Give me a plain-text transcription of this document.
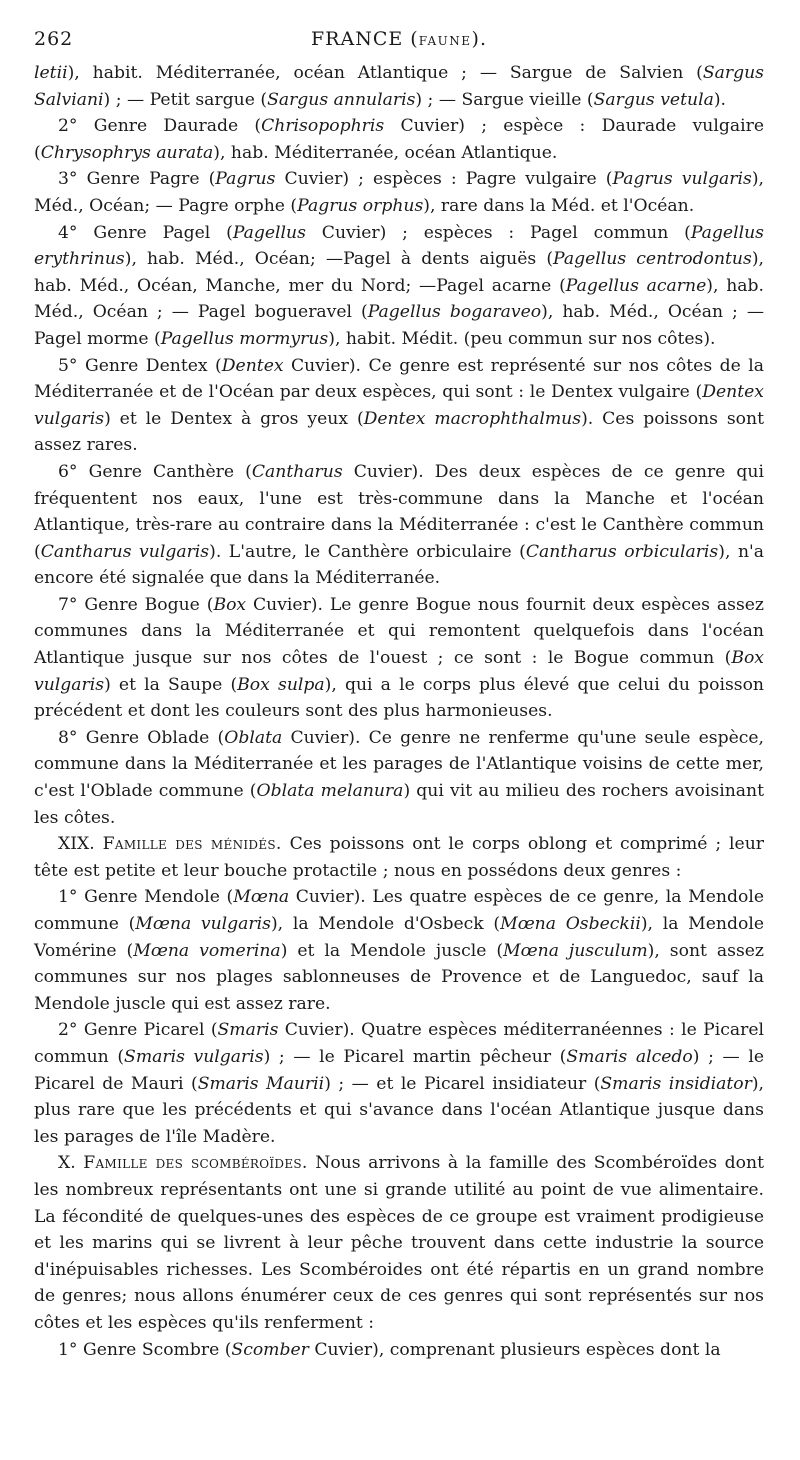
262	FRANCE (FAUNE).

letii), habit. Méditerranée, océan Atlantique ; — Sargue de Salvien (Sargus Salviani) ; — Petit sargue (Sargus annularis) ; — Sargue vieille (Sargus vetula).

2° Genre Daurade (Chrisopophris Cuvier) ; espèce : Daurade vulgaire (Chrysophrys aurata), hab. Méditerranée, océan Atlantique.

3° Genre Pagre (Pagrus Cuvier) ; espèces : Pagre vulgaire (Pagrus vulgaris), Méd., Océan; — Pagre orphe (Pagrus orphus), rare dans la Méd. et l'Océan.

4° Genre Pagel (Pagellus Cuvier) ; espèces : Pagel commun (Pagellus erythrinus), hab. Méd., Océan; —Pagel à dents aiguës (Pagellus centrodontus), hab. Méd., Océan, Manche, mer du Nord; —Pagel acarne (Pagellus acarne), hab. Méd., Océan ; — Pagel bogueravel (Pagellus bogaraveo), hab. Méd., Océan ; — Pagel morme (Pagellus mormyrus), habit. Médit. (peu commun sur nos côtes).

5° Genre Dentex (Dentex Cuvier). Ce genre est représenté sur nos côtes de la Méditerranée et de l'Océan par deux espèces, qui sont : le Dentex vulgaire (Dentex vulgaris) et le Dentex à gros yeux (Dentex macrophthalmus). Ces poissons sont assez rares.

6° Genre Canthère (Cantharus Cuvier). Des deux espèces de ce genre qui fréquentent nos eaux, l'une est très-commune dans la Manche et l'océan Atlantique, très-rare au contraire dans la Méditerranée : c'est le Canthère commun (Cantharus vulgaris). L'autre, le Canthère orbiculaire (Cantharus orbicularis), n'a encore été signalée que dans la Méditerranée.

7° Genre Bogue (Box Cuvier). Le genre Bogue nous fournit deux espèces assez communes dans la Méditerranée et qui remontent quelquefois dans l'océan Atlantique jusque sur nos côtes de l'ouest ; ce sont : le Bogue commun (Box vulgaris) et la Saupe (Box sulpa), qui a le corps plus élevé que celui du poisson précédent et dont les couleurs sont des plus harmonieuses.

8° Genre Oblade (Oblata Cuvier). Ce genre ne renferme qu'une seule espèce, commune dans la Méditerranée et les parages de l'Atlantique voisins de cette mer, c'est l'Oblade commune (Oblata melanura) qui vit au milieu des rochers avoisinant les côtes.

XIX. Famille des ménidés. Ces poissons ont le corps oblong et comprimé ; leur tête est petite et leur bouche protactile ; nous en possédons deux genres :

1° Genre Mendole (Mœna Cuvier). Les quatre espèces de ce genre, la Mendole commune (Mœna vulgaris), la Mendole d'Osbeck (Mœna Osbeckii), la Mendole Vomérine (Mœna vomerina) et la Mendole juscle (Mœna jusculum), sont assez communes sur nos plages sablonneuses de Provence et de Languedoc, sauf la Mendole juscle qui est assez rare.

2° Genre Picarel (Smaris Cuvier). Quatre espèces méditerranéennes : le Picarel commun (Smaris vulgaris) ; — le Picarel martin pêcheur (Smaris alcedo) ; — le Picarel de Mauri (Smaris Maurii) ; — et le Picarel insidiateur (Smaris insidiator), plus rare que les précédents et qui s'avance dans l'océan Atlantique jusque dans les parages de l'île Madère.

X. Famille des scombéroïdes. Nous arrivons à la famille des Scombéroïdes dont les nombreux représentants ont une si grande utilité au point de vue alimentaire. La fécondité de quelques-unes des espèces de ce groupe est vraiment prodigieuse et les marins qui se livrent à leur pêche trouvent dans cette industrie la source d'inépuisables richesses. Les Scombéroides ont été répartis en un grand nombre de genres; nous allons énumérer ceux de ces genres qui sont représentés sur nos côtes et les espèces qu'ils renferment :

1° Genre Scombre (Scomber Cuvier), comprenant plusieurs espèces dont la
